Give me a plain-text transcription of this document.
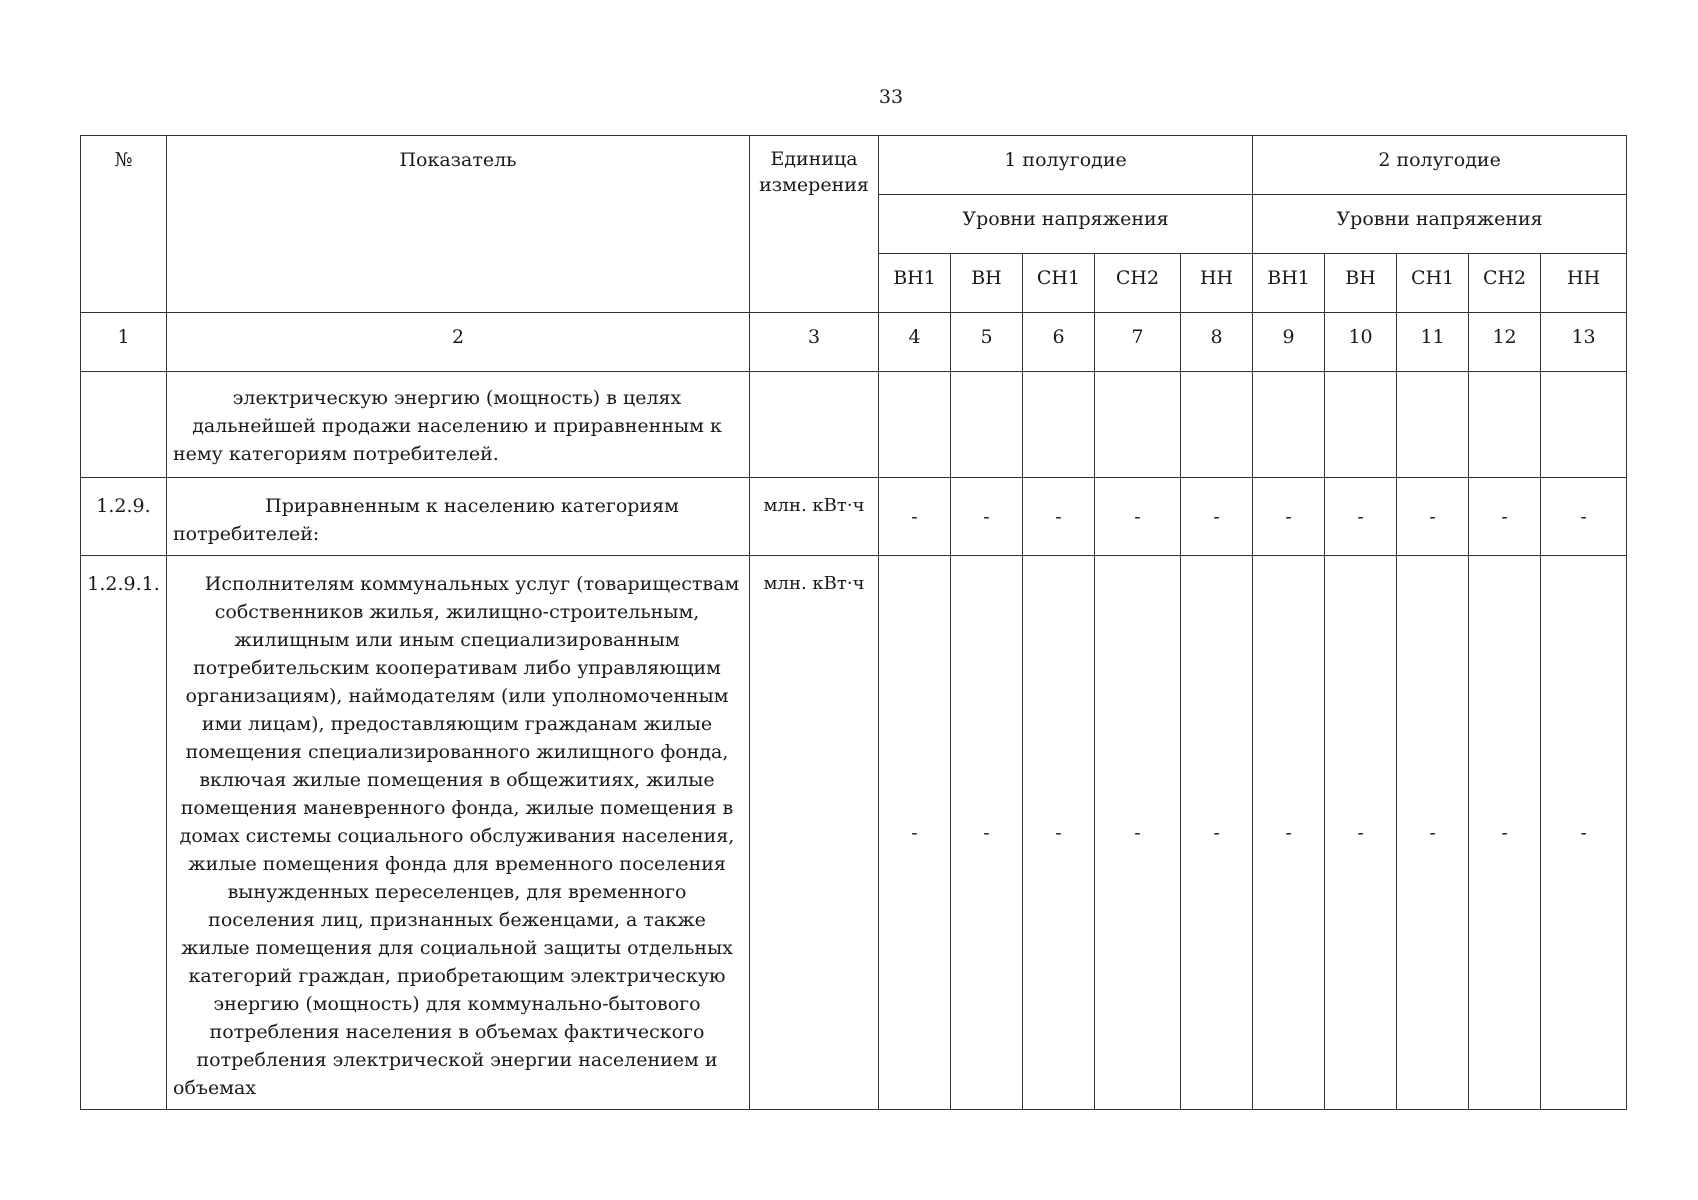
33
№	Показатель	Единица измерения	1 полугодие					2 полугодие				
			Уровни напряжения					Уровни напряжения				
			ВН1	ВН	СН1	СН2	НН	ВН1	ВН	СН1	СН2	НН
1	2	3	4	5	6	7	8	9	10	11	12	13
	электрическую энергию (мощность) в целях дальнейшей продажи населению и приравненным к нему категориям потребителей.											
1.2.9.	Приравненным к населению категориям потребителей:	млн. кВт·ч	-	-	-	-	-	-	-	-	-	-
1.2.9.1.	Исполнителям коммунальных услуг (товариществам собственников жилья, жилищно-строительным, жилищным или иным специализированным потребительским кооперативам либо управляющим организациям), наймодателям (или уполномоченным ими лицам), предоставляющим гражданам жилые помещения специализированного жилищного фонда, включая жилые помещения в общежитиях, жилые помещения маневренного фонда, жилые помещения в домах системы социального обслуживания населения, жилые помещения фонда для временного поселения вынужденных переселенцев, для временного поселения лиц, признанных беженцами, а также жилые помещения для социальной защиты отдельных категорий граждан, приобретающим электрическую энергию (мощность) для коммунально-бытового потребления населения в объемах фактического потребления электрической энергии населением и объемах	млн. кВт·ч	-	-	-	-	-	-	-	-	-	-
